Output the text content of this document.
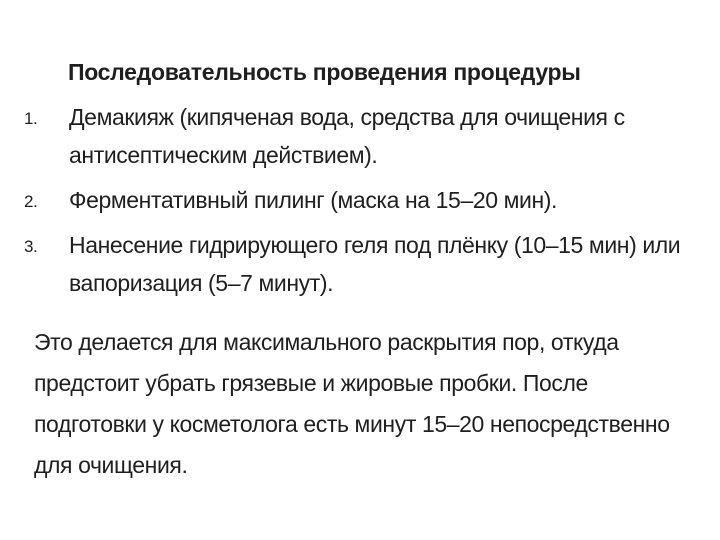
Последовательность проведения процедуры
1. Демакияж (кипяченая вода, средства для очищения с антисептическим действием).
2. Ферментативный пилинг (маска на 15–20 мин).
3. Нанесение гидрирующего геля под плёнку (10–15 мин) или вапоризация (5–7 минут).

Это делается для максимального раскрытия пор, откуда предстоит убрать грязевые и жировые пробки. После подготовки у косметолога есть минут 15–20 непосредственно для очищения.
